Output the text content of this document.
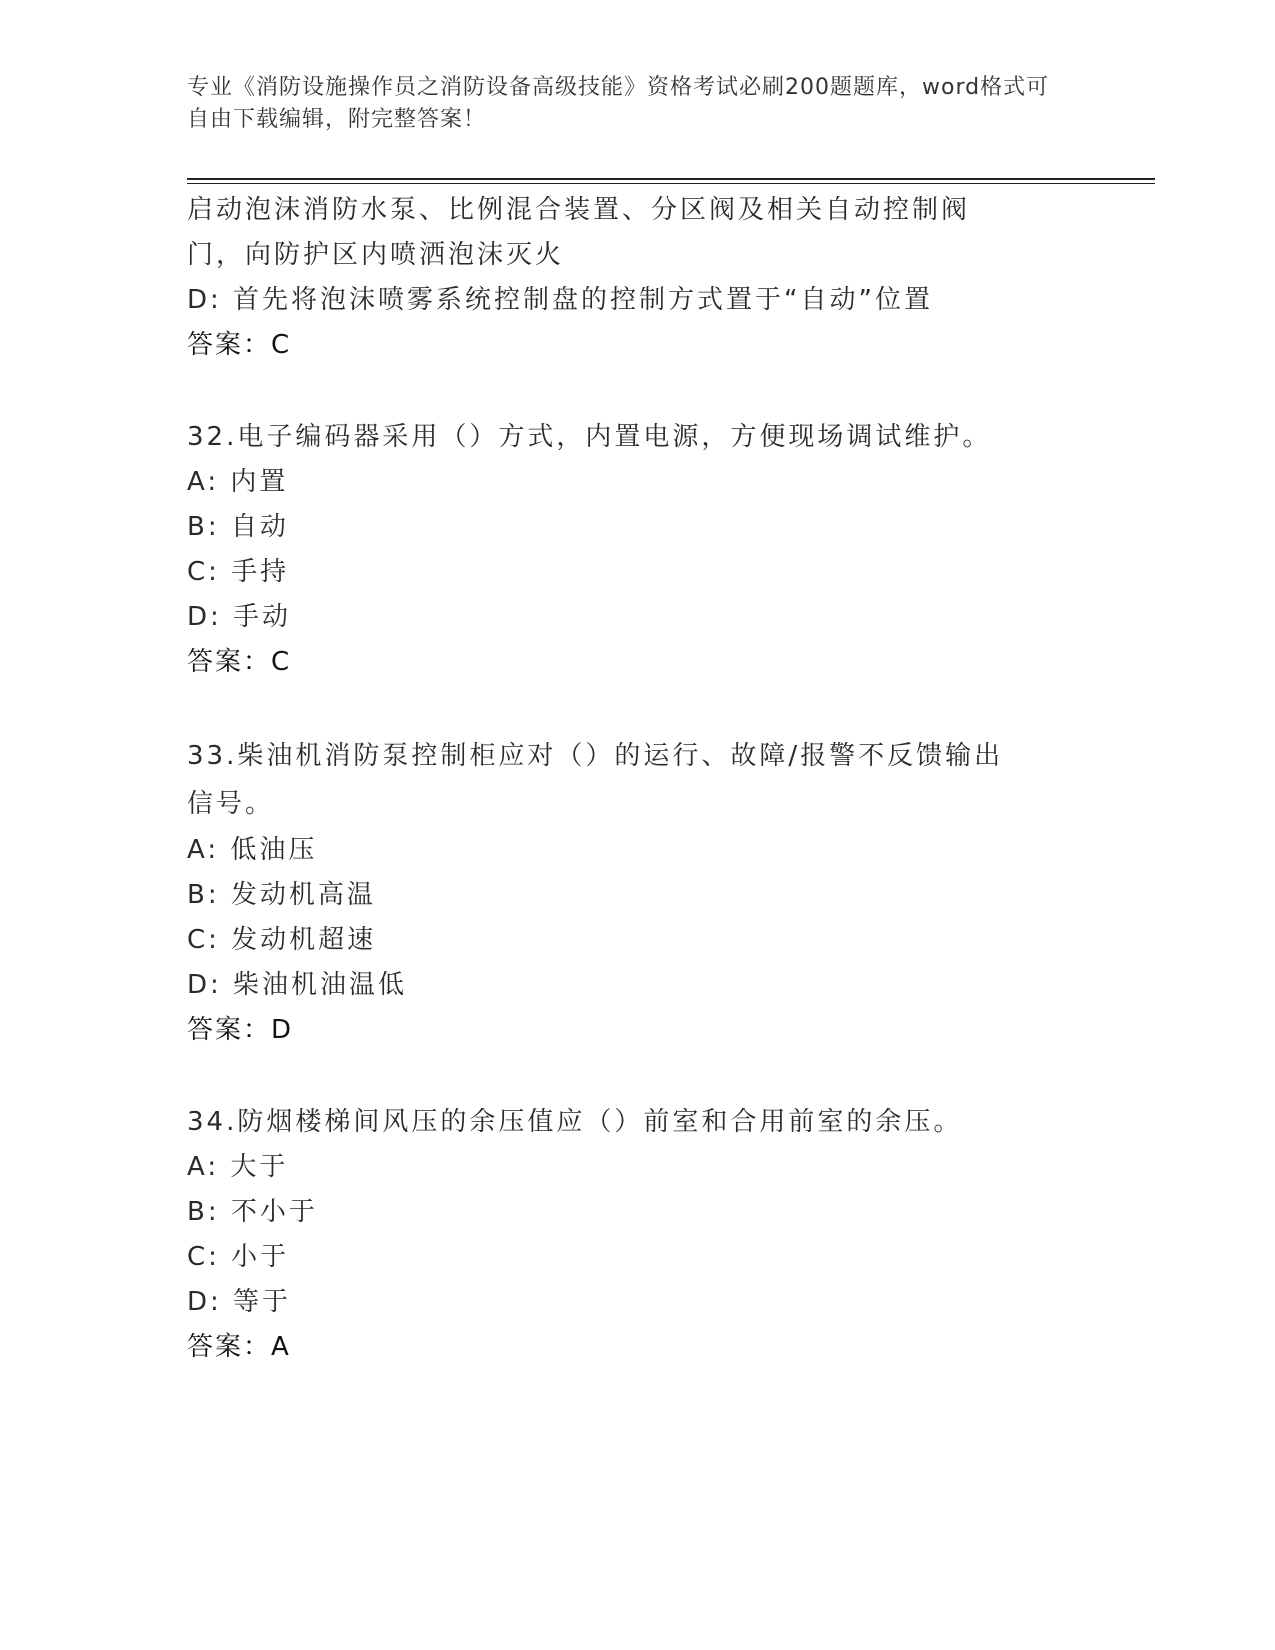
专业《消防设施操作员之消防设备高级技能》资格考试必刷200题题库，word格式可自由下载编辑，附完整答案！

启动泡沫消防水泵、比例混合装置、分区阀及相关自动控制阀门，向防护区内喷洒泡沫灭火

D: 首先将泡沫喷雾系统控制盘的控制方式置于“自动”位置

答案：C

32.电子编码器采用（）方式，内置电源，方便现场调试维护。

A: 内置

B: 自动

C: 手持

D: 手动

答案：C

33.柴油机消防泵控制柜应对（）的运行、故障/报警不反馈输出信号。

A: 低油压

B: 发动机高温

C: 发动机超速

D: 柴油机油温低

答案：D

34.防烟楼梯间风压的余压值应（）前室和合用前室的余压。

A: 大于

B: 不小于

C: 小于

D: 等于

答案：A
